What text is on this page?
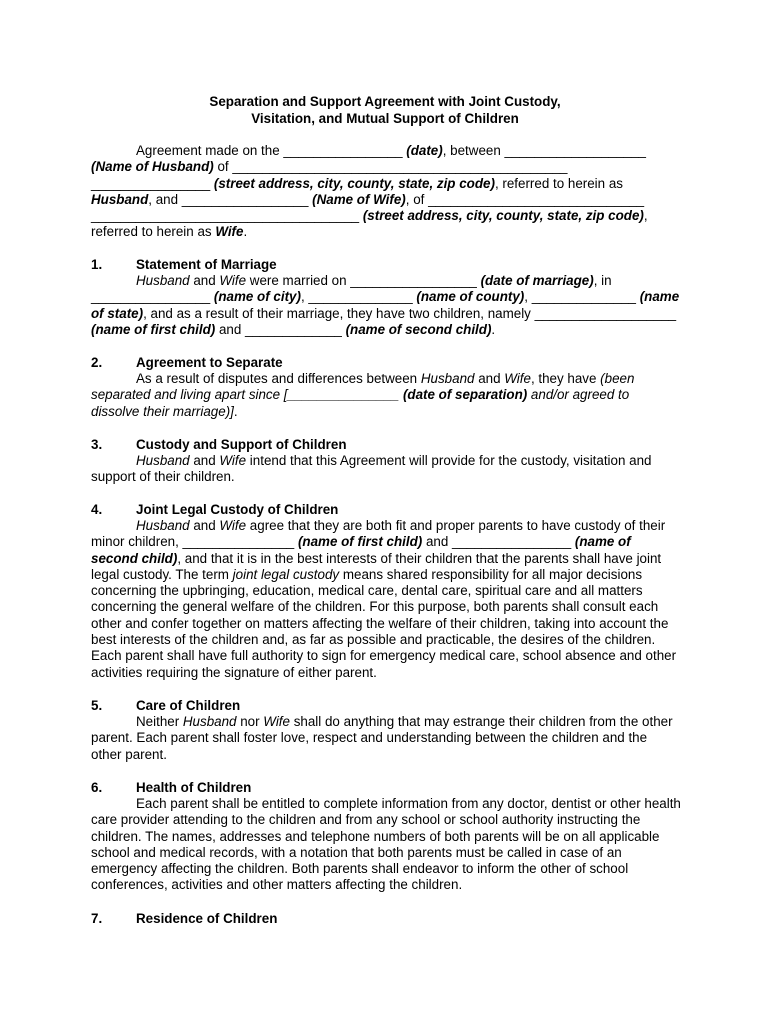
Separation and Support Agreement with Joint Custody,
Visitation, and Mutual Support of Children
Agreement made on the ________________ (date), between ___________________ (Name of Husband) of _____________________________________________ ________________ (street address, city, county, state, zip code), referred to herein as Husband, and _________________ (Name of Wife), of _____________________________ ____________________________________ (street address, city, county, state, zip code), referred to herein as Wife.
1.	Statement of Marriage
Husband and Wife were married on _________________ (date of marriage), in ________________ (name of city), ______________ (name of county), ______________ (name of state), and as a result of their marriage, they have two children, namely ___________________ (name of first child) and _____________ (name of second child).
2.	Agreement to Separate
As a result of disputes and differences between Husband and Wife, they have (been separated and living apart since [_______________ (date of separation) and/or agreed to dissolve their marriage)].
3.	Custody and Support of Children
Husband and Wife intend that this Agreement will provide for the custody, visitation and support of their children.
4.	Joint Legal Custody of Children
Husband and Wife agree that they are both fit and proper parents to have custody of their minor children, _______________ (name of first child) and ________________ (name of second child), and that it is in the best interests of their children that the parents shall have joint legal custody. The term joint legal custody means shared responsibility for all major decisions concerning the upbringing, education, medical care, dental care, spiritual care and all matters concerning the general welfare of the children. For this purpose, both parents shall consult each other and confer together on matters affecting the welfare of their children, taking into account the best interests of the children and, as far as possible and practicable, the desires of the children. Each parent shall have full authority to sign for emergency medical care, school absence and other activities requiring the signature of either parent.
5.	Care of Children
Neither Husband nor Wife shall do anything that may estrange their children from the other parent. Each parent shall foster love, respect and understanding between the children and the other parent.
6.	Health of Children
Each parent shall be entitled to complete information from any doctor, dentist or other health care provider attending to the children and from any school or school authority instructing the children. The names, addresses and telephone numbers of both parents will be on all applicable school and medical records, with a notation that both parents must be called in case of an emergency affecting the children. Both parents shall endeavor to inform the other of school conferences, activities and other matters affecting the children.
7.	Residence of Children
